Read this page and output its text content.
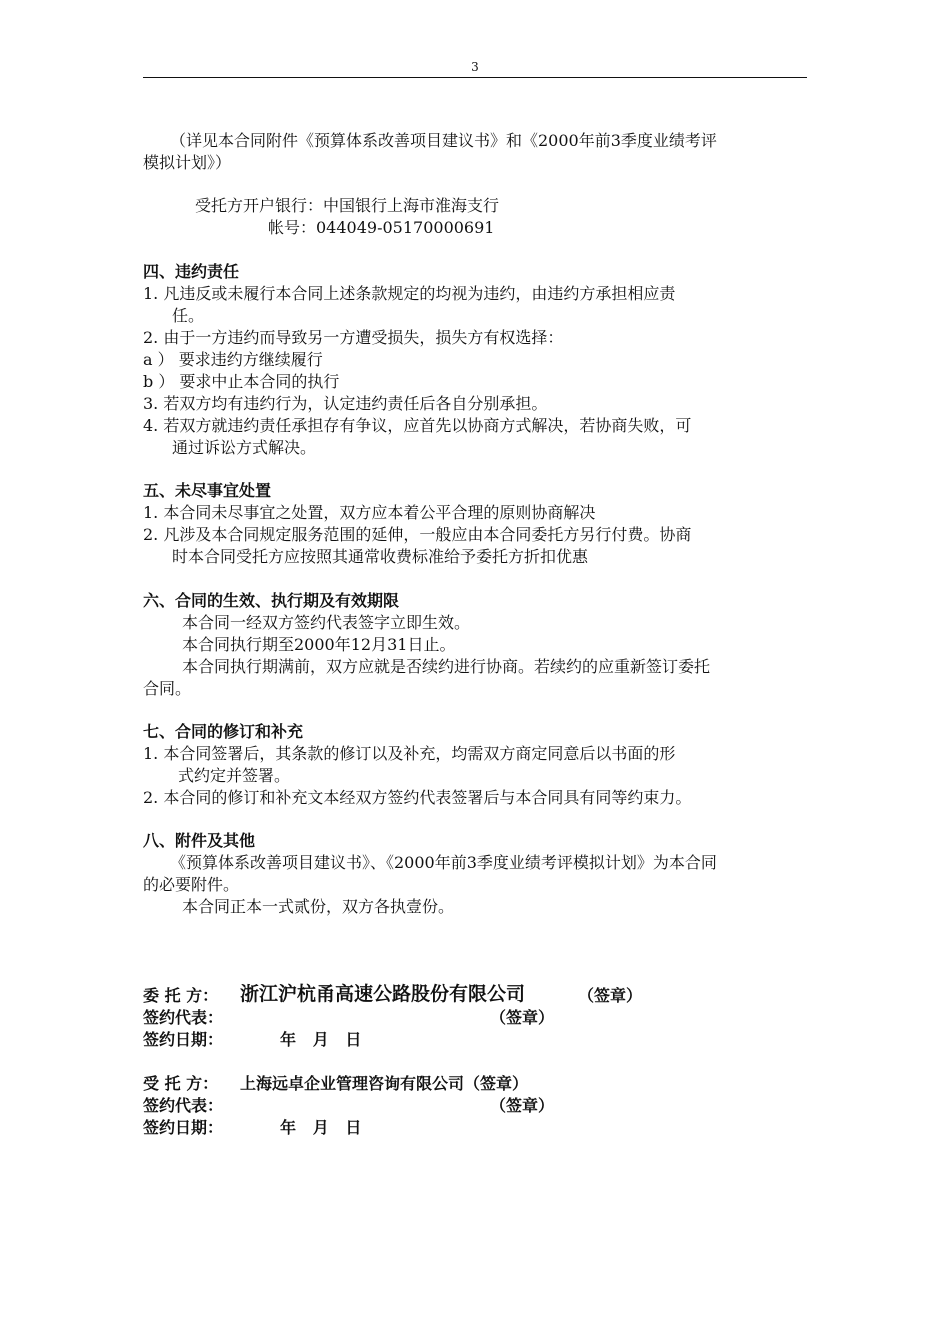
3
（详见本合同附件《预算体系改善项目建议书》和《2000年前3季度业绩考评
模拟计划》）
受托方开户银行：中国银行上海市淮海支行
帐号：044049-05170000691
四、违约责任
1. 凡违反或未履行本合同上述条款规定的均视为违约，由违约方承担相应责
任。
2. 由于一方违约而导致另一方遭受损失，损失方有权选择：
a ） 要求违约方继续履行
b ） 要求中止本合同的执行
3. 若双方均有违约行为，认定违约责任后各自分别承担。
4. 若双方就违约责任承担存有争议，应首先以协商方式解决，若协商失败，可
通过诉讼方式解决。
五、未尽事宜处置
1. 本合同未尽事宜之处置，双方应本着公平合理的原则协商解决
2. 凡涉及本合同规定服务范围的延伸，一般应由本合同委托方另行付费。协商
时本合同受托方应按照其通常收费标准给予委托方折扣优惠
六、合同的生效、执行期及有效期限
本合同一经双方签约代表签字立即生效。
本合同执行期至2000年12月31日止。
本合同执行期满前，双方应就是否续约进行协商。若续约的应重新签订委托
合同。
七、合同的修订和补充
1. 本合同签署后，其条款的修订以及补充，均需双方商定同意后以书面的形
式约定并签署。
2. 本合同的修订和补充文本经双方签约代表签署后与本合同具有同等约束力。
八、附件及其他
《预算体系改善项目建议书》、《2000年前3季度业绩考评模拟计划》为本合同
的必要附件。
本合同正本一式贰份，双方各执壹份。
委 托 方： 浙江沪杭甬高速公路股份有限公司	（签章）
签约代表：	（签章）
签约日期：	年   月   日
受 托 方： 上海远卓企业管理咨询有限公司（签章）
签约代表：	（签章）
签约日期：	年   月   日
